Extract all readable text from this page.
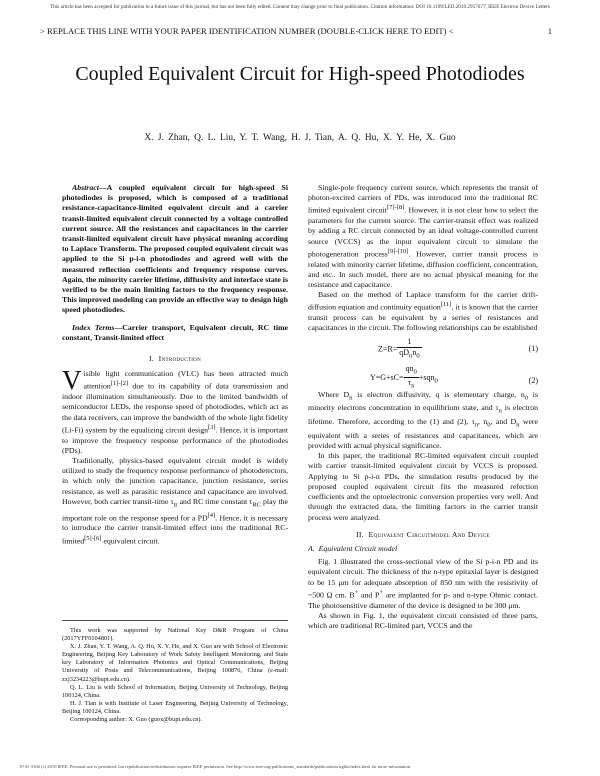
This article has been accepted for publication in a future issue of this journal, but has not been fully edited. Content may change prior to final publication. Citation information: DOI 10.1109/LED.2019.2957677, IEEE Electron Device Letters
> REPLACE THIS LINE WITH YOUR PAPER IDENTIFICATION NUMBER (DOUBLE-CLICK HERE TO EDIT) <	1
Coupled Equivalent Circuit for High-speed Photodiodes
X. J. Zhan, Q. L. Liu, Y. T. Wang, H. J. Tian, A. Q. Hu, X. Y. He, X. Guo

Abstract—A coupled equivalent circuit for high-speed Si photodiodes is proposed, which is composed of a traditional resistance-capacitance-limited equivalent circuit and a carrier transit-limited equivalent circuit connected by a voltage controlled current source. All the resistances and capacitances in the carrier transit-limited equivalent circuit have physical meaning according to Laplace Transform. The proposed coupled equivalent circuit was applied to the Si p-i-n photodiodes and agreed well with the measured reflection coefficients and frequency response curves. Again, the minority carrier lifetime, diffusivity and interface state is verified to be the main limiting factors to the frequency response. This improved modeling can provide an effective way to design high speed photodiodes.

Index Terms—Carrier transport, Equivalent circuit, RC time constant, Transit-limited effect

I. Introduction

Visible light communication (VLC) has been attracted much attention[1]-[2] due to its capability of data transmission and indoor illumination simultaneously. Due to the limited bandwidth of semiconductor LEDs, the response speed of photodiodes, which act as the data receivers, can improve the bandwidth of the whole light fidelity (Li-Fi) system by the equalizing circuit design[3]. Hence, it is important to improve the frequency response performance of the photodiodes (PDs).

Traditionally, physics-based equivalent circuit model is widely utilized to study the frequency response performance of photodetectors, in which only the junction capacitance, junction resistance, series resistance, as well as parasitic resistance and capacitance are involved. However, both carrier transit-time $\tau_{tr}$ and RC time constant $\tau_{RC}$ play the important role on the response speed for a PD[4]. Hence, it is necessary to introduce the carrier transit-limited effect into the traditional RC-limited[5]-[6] equivalent circuit.

This work was supported by National Key D&R Program of China (2017YFF0104801).

X. J. Zhan, Y. T. Wang, A. Q. Hu, X. Y. He, and X. Guo are with School of Electronic Engineering, Beijing Key Laboratory of Work Safety Intelligent Monitoring, and State key Laboratory of Information Photonics and Optical Communications, Beijing University of Posts and Telecommunications, Beijing 100876, China (e-mail: zxj3234223@bupt.edu.cn).

Q. L. Liu is with School of Information, Beijing University of Technology, Beijing 100124, China.

H. J. Tian is with Institute of Laser Engineering, Beijing University of Technology, Beijing 100124, China.

Corresponding author: X. Guo (guox@bupt.edu.cn).

Single-pole frequency current source, which represents the transit of photon-excited carriers of PDs, was introduced into the traditional RC limited equivalent circuit[7]-[8]. However, it is not clear how to select the parameters for the current source. The carrier-transit effect was realized by adding a RC circuit connected by an ideal voltage-controlled current source (VCCS) as the input equivalent circuit to simulate the photogeneration process[9]-[10]. However, carrier transit process is related with minority carrier lifetime, diffusion coefficient, concentration, and etc.. In such model, there are no actual physical meaning for the resistance and capacitance.

Based on the method of Laplace transform for the carrier drift-diffusion equation and continuity equation[11], it is known that the carrier transit process can be equivalent by a series of resistances and capacitances in the circuit. The following relationships can be established

$Z=R= \frac{1}{qD_nn_0}$	(1)
$Y=G+sC= \frac{qn_0}{\tau_n} +sqn_0$	(2)

Where $D_n$ is electron diffusivity, q is elementary charge, $n_0$ is minority electrons concentration in equilibrium state, and $\tau_n$ is electron lifetime. Therefore, according to the (1) and (2), $\tau_n$, $n_0$, and $D_n$ were equivalent with a series of resistances and capacitances, which are provided with actual physical significance.

In this paper, the traditional RC-limited equivalent circuit coupled with carrier transit-limited equivalent circuit by VCCS is proposed. Applying to Si p-i-n PDs, the simulation results produced by the proposed coupled equivalent circuit fits the measured refection coefficients and the optoelectronic conversion properties very well. And through the extracted data, the limiting factors in the carrier transit process were analyzed.

II. Equivalent Circuitmodel And Device

A. Equivalent Circuit model

Fig. 1 illustrated the cross-sectional view of the Si p-i-n PD and its equivalent circuit. The thickness of the n-type epitaxial layer is designed to be 15 μm for adequate absorption of 850 nm with the resistivity of ~500 Ω cm. B+ and P+ are implanted for p- and n-type Ohmic contact. The photosensitive diameter of the device is designed to be 300 μm.

As shown in Fig. 1, the equivalent circuit consisted of three parts, which are traditional RC-limited part, VCCS and the

0741-3106 (c) 2019 IEEE. Personal use is permitted, but republication/redistribution requires IEEE permission. See http://www.ieee.org/publications_standards/publications/rights/index.html for more information.
